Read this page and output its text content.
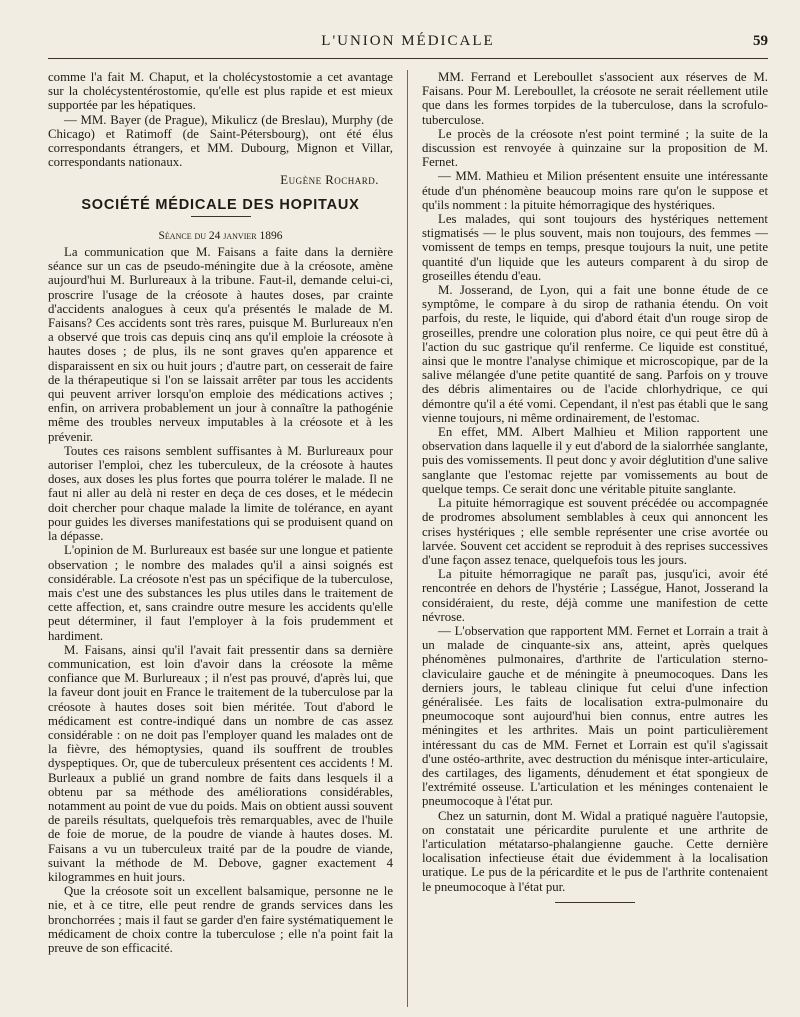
L'UNION MÉDICALE	59

comme l'a fait M. Chaput, et la cholécystostomie a cet avantage sur la cholécystentérostomie, qu'elle est plus rapide et est mieux supportée par les hépatiques.

— MM. Bayer (de Prague), Mikulicz (de Breslau), Murphy (de Chicago) et Ratimoff (de Saint-Pétersbourg), ont été élus correspondants étrangers, et MM. Dubourg, Mignon et Villar, correspondants nationaux.

Eugène Rochard.
SOCIÉTÉ MÉDICALE DES HOPITAUX
Séance du 24 janvier 1896

La communication que M. Faisans a faite dans la dernière séance sur un cas de pseudo-méningite due à la créosote, amène aujourd'hui M. Burlureaux à la tribune. Faut-il, demande celui-ci, proscrire l'usage de la créosote à hautes doses, par crainte d'accidents analogues à ceux qu'a présentés le malade de M. Faisans? Ces accidents sont très rares, puisque M. Burlureaux n'en a observé que trois cas depuis cinq ans qu'il emploie la créosote à hautes doses ; de plus, ils ne sont graves qu'en apparence et disparaissent en six ou huit jours ; d'autre part, on cesserait de faire de la thérapeutique si l'on se laissait arrêter par tous les accidents qui peuvent arriver lorsqu'on emploie des médications actives ; enfin, on arrivera probablement un jour à connaître la pathogénie même des troubles nerveux imputables à la créosote et à les prévenir.

Toutes ces raisons semblent suffisantes à M. Burlureaux pour autoriser l'emploi, chez les tuberculeux, de la créosote à hautes doses, aux doses les plus fortes que pourra tolérer le malade. Il ne faut ni aller au delà ni rester en deça de ces doses, et le médecin doit chercher pour chaque malade la limite de tolérance, en ayant pour guides les diverses manifestations qui se produisent quand on la dépasse.

L'opinion de M. Burlureaux est basée sur une longue et patiente observation ; le nombre des malades qu'il a ainsi soignés est considérable. La créosote n'est pas un spécifique de la tuberculose, mais c'est une des substances les plus utiles dans le traitement de cette affection, et, sans craindre outre mesure les accidents qu'elle peut déterminer, il faut l'employer à la fois prudemment et hardiment.

M. Faisans, ainsi qu'il l'avait fait pressentir dans sa dernière communication, est loin d'avoir dans la créosote la même confiance que M. Burlureaux ; il n'est pas prouvé, d'après lui, que la faveur dont jouit en France le traitement de la tuberculose par la créosote à hautes doses soit bien méritée. Tout d'abord le médicament est contre-indiqué dans un nombre de cas assez considérable : on ne doit pas l'employer quand les malades ont de la fièvre, des hémoptysies, quand ils souffrent de troubles dyspeptiques. Or, que de tuberculeux présentent ces accidents ! M. Burleaux a publié un grand nombre de faits dans lesquels il a obtenu par sa méthode des améliorations considérables, notamment au point de vue du poids. Mais on obtient aussi souvent de pareils résultats, quelquefois très remarquables, avec de l'huile de foie de morue, de la poudre de viande à hautes doses. M. Faisans a vu un tuberculeux traité par de la poudre de viande, suivant la méthode de M. Debove, gagner exactement 4 kilogrammes en huit jours.

Que la créosote soit un excellent balsamique, personne ne le nie, et à ce titre, elle peut rendre de grands services dans les bronchorrées ; mais il faut se garder d'en faire systématiquement le médicament de choix contre la tuberculose ; elle n'a point fait la preuve de son efficacité.

MM. Ferrand et Lereboullet s'associent aux réserves de M. Faisans. Pour M. Lereboullet, la créosote ne serait réellement utile que dans les formes torpides de la tuberculose, dans la scrofulo-tuberculose.

Le procès de la créosote n'est point terminé ; la suite de la discussion est renvoyée à quinzaine sur la proposition de M. Fernet.

— MM. Mathieu et Milion présentent ensuite une intéressante étude d'un phénomène beaucoup moins rare qu'on le suppose et qu'ils nomment : la pituite hémorragique des hystériques.

Les malades, qui sont toujours des hystériques nettement stigmatisés — le plus souvent, mais non toujours, des femmes — vomissent de temps en temps, presque toujours la nuit, une petite quantité d'un liquide que les auteurs comparent à du sirop de groseilles étendu d'eau.

M. Josserand, de Lyon, qui a fait une bonne étude de ce symptôme, le compare à du sirop de rathania étendu. On voit parfois, du reste, le liquide, qui d'abord était d'un rouge sirop de groseilles, prendre une coloration plus noire, ce qui peut être dû à l'action du suc gastrique qu'il renferme. Ce liquide est constitué, ainsi que le montre l'analyse chimique et microscopique, par de la salive mélangée d'une petite quantité de sang. Parfois on y trouve des débris alimentaires ou de l'acide chlorhydrique, ce qui démontre qu'il a été vomi. Cependant, il n'est pas établi que le sang vienne toujours, ni même ordinairement, de l'estomac.

En effet, MM. Albert Malhieu et Milion rapportent une observation dans laquelle il y eut d'abord de la sialorrhée sanglante, puis des vomissements. Il peut donc y avoir déglutition d'une salive sanglante que l'estomac rejette par vomissements au bout de quelque temps. Ce serait donc une véritable pituite sanglante.

La pituite hémorragique est souvent précédée ou accompagnée de prodromes absolument semblables à ceux qui annoncent les crises hystériques ; elle semble représenter une crise avortée ou larvée. Souvent cet accident se reproduit à des reprises successives d'une façon assez tenace, quelquefois tous les jours.

La pituite hémorragique ne paraît pas, jusqu'ici, avoir été rencontrée en dehors de l'hystérie ; Lasségue, Hanot, Josserand la considéraient, du reste, déjà comme une manifestion de cette névrose.

— L'observation que rapportent MM. Fernet et Lorrain a trait à un malade de cinquante-six ans, atteint, après quelques phénomènes pulmonaires, d'arthrite de l'articulation sterno-claviculaire gauche et de méningite à pneumocoques. Dans les derniers jours, le tableau clinique fut celui d'une infection généralisée. Les faits de localisation extra-pulmonaire du pneumocoque sont aujourd'hui bien connus, entre autres les méningites et les arthrites. Mais un point particulièrement intéressant du cas de MM. Fernet et Lorrain est qu'il s'agissait d'une ostéo-arthrite, avec destruction du ménisque inter-articulaire, des cartilages, des ligaments, dénudement et état spongieux de l'extrémité osseuse. L'articulation et les méninges contenaient le pneumocoque à l'état pur.

Chez un saturnin, dont M. Widal a pratiqué naguère l'autopsie, on constatait une péricardite purulente et une arthrite de l'articulation métatarso-phalangienne gauche. Cette dernière localisation infectieuse était due évidemment à la localisation uratique. Le pus de la péricardite et le pus de l'arthrite contenaient le pneumocoque à l'état pur.
